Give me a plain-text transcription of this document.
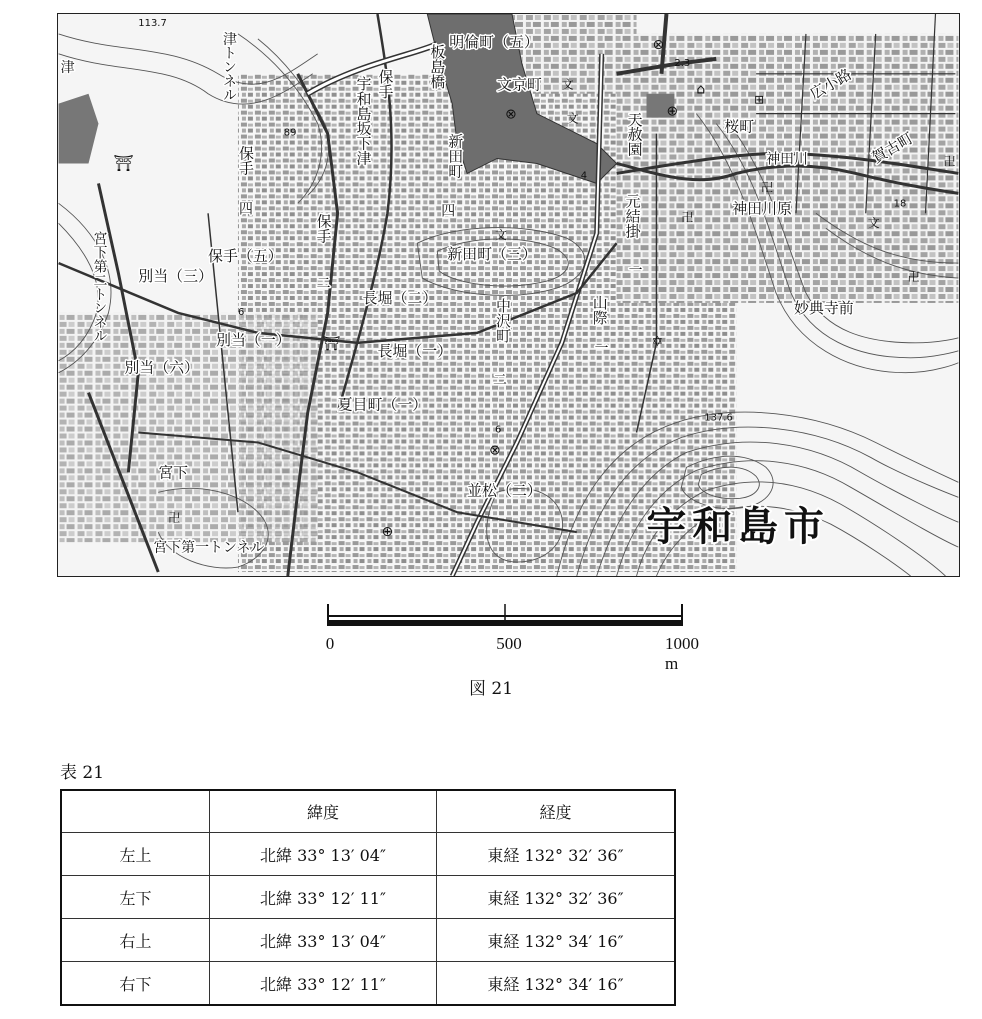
⛩
⛩
⊗
⊗
⊗
⊕
⊕
⌂
⊞
文
文
文
文
卍
卍
卍
卍
卍
✡
113.7
89
2.3
4
18
6
6
137.6
板島橋
明倫町（五）
文京町
天赦園	桜町
広小路
神田川
神田川原
賀古町
保手
宇和島坂下津	新田町
四
保手
四
保手（五）
保手
二
元結掛
一
新田町（三）
宮下第二トンネル 別当（三）
長堀（二）
中沢町
二
山際
一
妙典寺前
別当（一）
長堀（一）
別当（六）
夏目町（一）
宮下
並松（二）
宮下第一トンネル
津トンネル
津
宇和島市
0	500	1000 m
図 21
表 21
	緯度	経度
左上	北緯 33° 13′ 04″	東経 132° 32′ 36″
左下	北緯 33° 12′ 11″	東経 132° 32′ 36″
右上	北緯 33° 13′ 04″	東経 132° 34′ 16″
右下	北緯 33° 12′ 11″	東経 132° 34′ 16″
